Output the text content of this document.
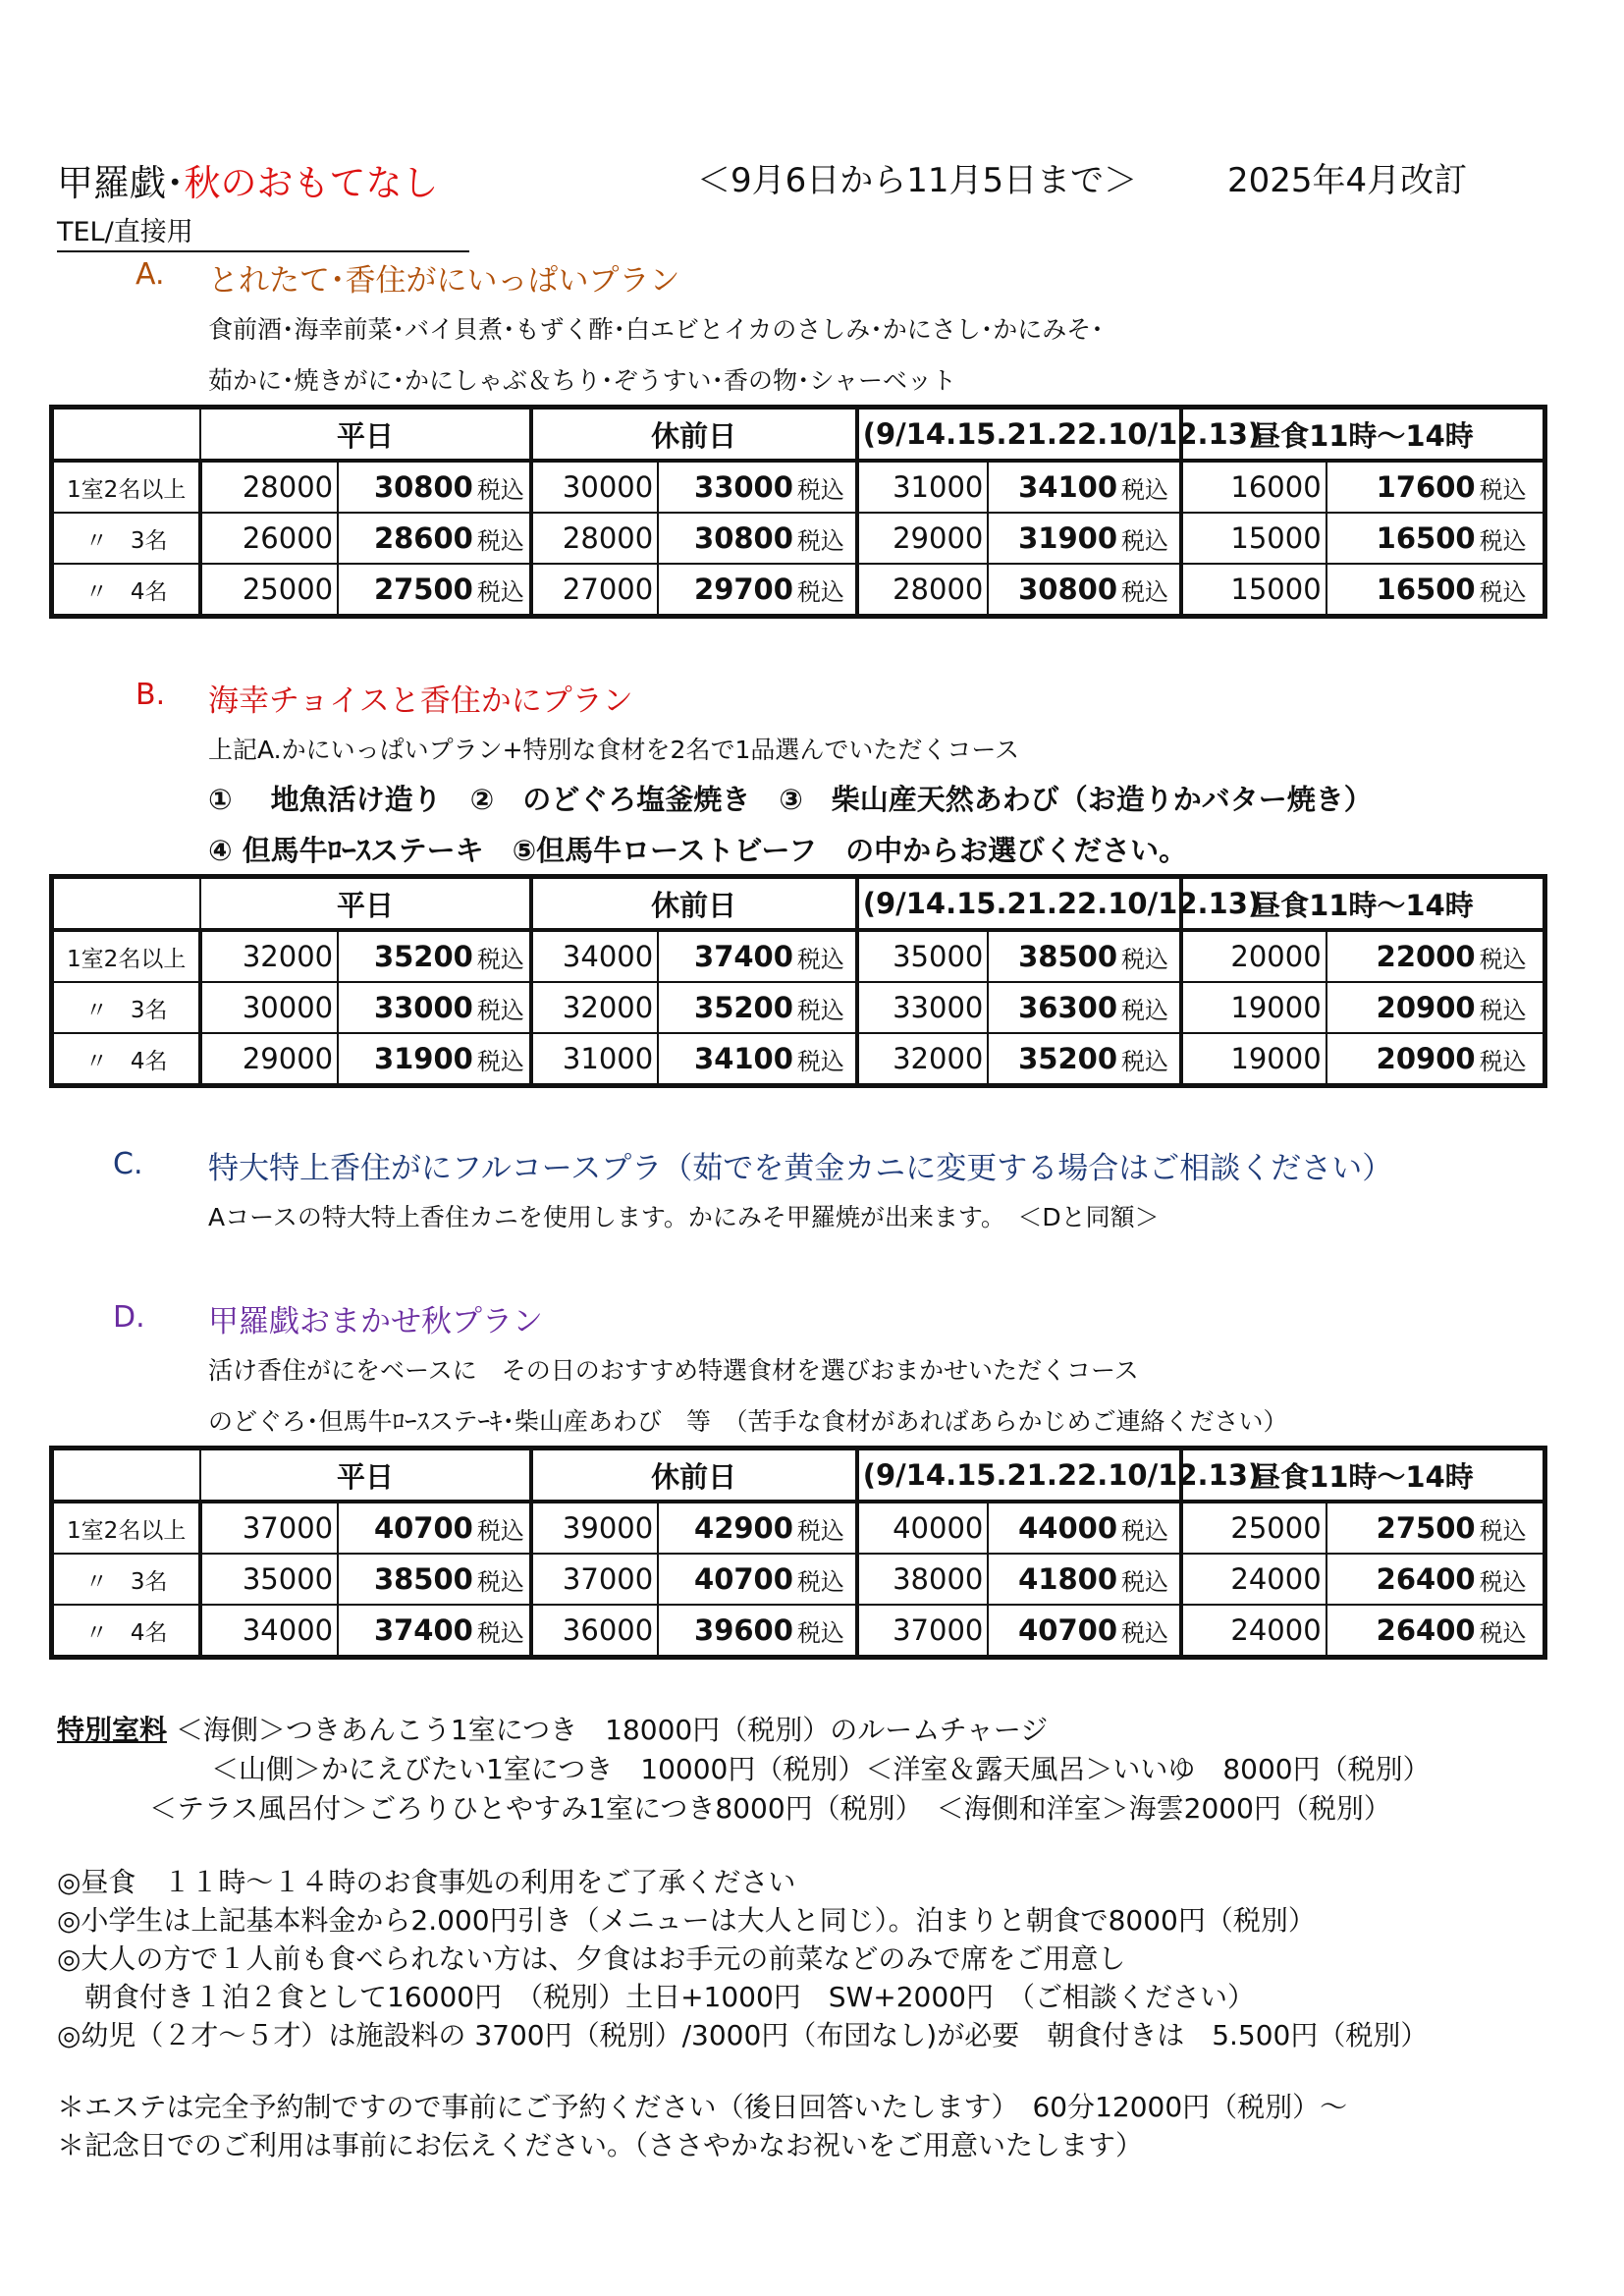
甲羅戯･秋のおもてなし	＜9月6日から11月5日まで＞	2025年4月改訂
TEL/直接用
A. とれたて･香住がにいっぱいプラン
食前酒･海幸前菜･バイ貝煮･もずく酢･白エビとイカのさしみ･かにさし･かにみそ･
茹かに･焼きがに･かにしゃぶ＆ちり･ぞうすい･香の物･シャーベット
	平日			休前日			(9/14.15.21.22.10/12.13)			昼食11時～14時		
1室2名以上	28000	30800	税込	30000	33000	税込	31000	34100	税込	16000	17600	税込
〃　3名	26000	28600	税込	28000	30800	税込	29000	31900	税込	15000	16500	税込
〃　4名	25000	27500	税込	27000	29700	税込	28000	30800	税込	15000	16500	税込
B. 海幸チョイスと香住かにプラン
上記A.かにいっぱいプラン+特別な食材を2名で1品選んでいただくコース
①　 地魚活け造り　②　のどぐろ塩釜焼き　③　柴山産天然あわび（お造りかバター焼き）
④ 但馬牛ﾛｰｽステーキ　⑤但馬牛ローストビーフ　の中からお選びください。
	平日			休前日			(9/14.15.21.22.10/12.13)			昼食11時～14時		
1室2名以上	32000	35200	税込	34000	37400	税込	35000	38500	税込	20000	22000	税込
〃　3名	30000	33000	税込	32000	35200	税込	33000	36300	税込	19000	20900	税込
〃　4名	29000	31900	税込	31000	34100	税込	32000	35200	税込	19000	20900	税込
C. 特大特上香住がにフルコースプラ（茹でを黄金カニに変更する場合はご相談ください）
Aコースの特大特上香住カニを使用します。かにみそ甲羅焼が出来ます。　＜Dと同額＞
D. 甲羅戯おまかせ秋プラン
活け香住がにをベースに　その日のおすすめ特選食材を選びおまかせいただくコース
のどぐろ･但馬牛ﾛｰｽステｰｷ･柴山産あわび　等　（苦手な食材があればあらかじめご連絡ください）
	平日			休前日			(9/14.15.21.22.10/12.13)			昼食11時～14時		
1室2名以上	37000	40700	税込	39000	42900	税込	40000	44000	税込	25000	27500	税込
〃　3名	35000	38500	税込	37000	40700	税込	38000	41800	税込	24000	26400	税込
〃　4名	34000	37400	税込	36000	39600	税込	37000	40700	税込	24000	26400	税込
特別室料 ＜海側＞つきあんこう1室につき　18000円（税別）のルームチャージ
＜山側＞かにえびたい1室につき　10000円（税別）＜洋室＆露天風呂＞いいゆ　8000円（税別）
＜テラス風呂付＞ごろりひとやすみ1室につき8000円（税別）　＜海側和洋室＞海雲2000円（税別）
◎昼食　１１時～１４時のお食事処の利用をご了承ください
◎小学生は上記基本料金から2.000円引き（メニューは大人と同じ）。泊まりと朝食で8000円（税別）
◎大人の方で１人前も食べられない方は、夕食はお手元の前菜などのみで席をご用意し
　朝食付き１泊２食として16000円　（税別）土日+1000円　SW+2000円　（ご相談ください）
◎幼児（２才～５才）は施設料の 3700円（税別）/3000円（布団なし)が必要　朝食付きは　5.500円（税別）
＊エステは完全予約制ですので事前にご予約ください（後日回答いたします）　60分12000円（税別）～
＊記念日でのご利用は事前にお伝えください。（ささやかなお祝いをご用意いたします）
